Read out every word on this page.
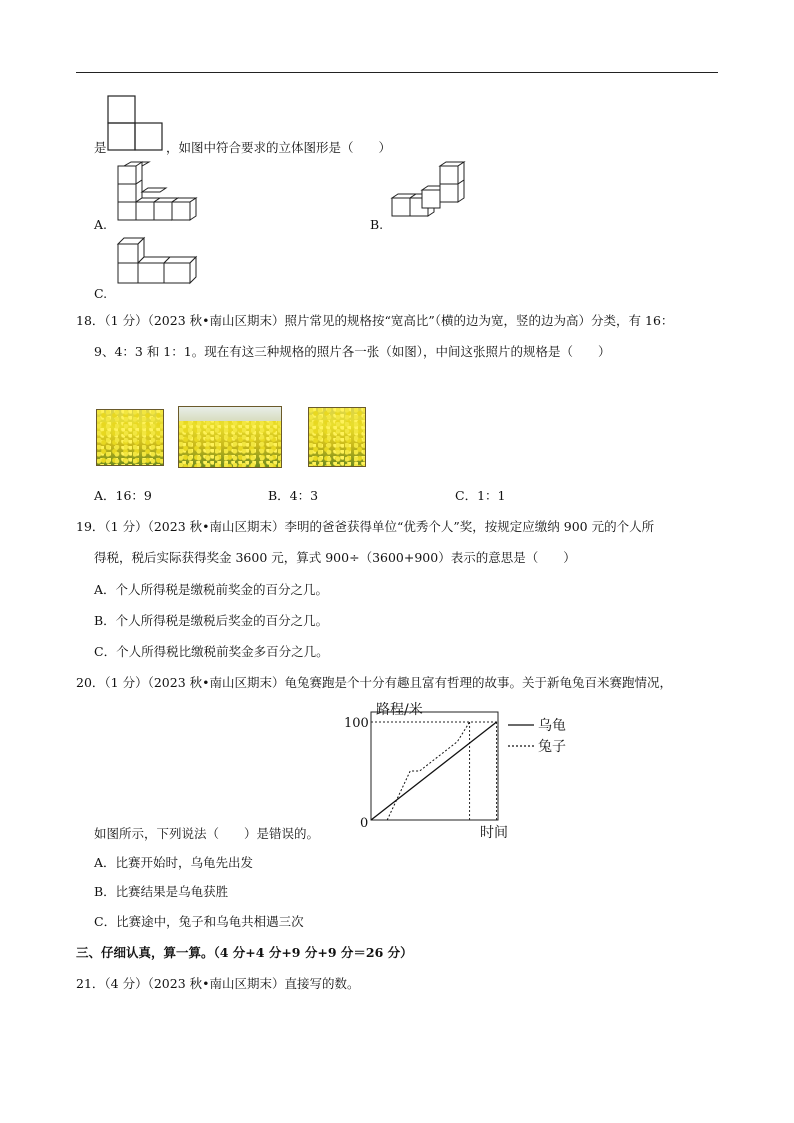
是	，如图中符合要求的立体图形是（　　）
A.	B.
C.
18．（1 分）（2023 秋•南山区期末）照片常见的规格按“宽高比”（横的边为宽，竖的边为高）分类，有 16：
9、4：3 和 1：1。现在有这三种规格的照片各一张（如图），中间这张照片的规格是（　　）
A．16：9	B．4：3	C．1：1
19．（1 分）（2023 秋•南山区期末）李明的爸爸获得单位“优秀个人”奖，按规定应缴纳 900 元的个人所
得税，税后实际获得奖金 3600 元，算式 900÷（3600+900）表示的意思是（　　）
A．个人所得税是缴税前奖金的百分之几。
B．个人所得税是缴税后奖金的百分之几。
C．个人所得税比缴税前奖金多百分之几。
20．（1 分）（2023 秋•南山区期末）龟兔赛跑是个十分有趣且富有哲理的故事。关于新龟兔百米赛跑情况，
路程/米
时间
0
100	乌龟
兔子
如图所示，下列说法（　　）是错误的。
A．比赛开始时，乌龟先出发
B．比赛结果是乌龟获胜
C．比赛途中，兔子和乌龟共相遇三次
三、仔细认真，算一算。（4 分+4 分+9 分+9 分＝26 分）
21．（4 分）（2023 秋•南山区期末）直接写的数。
